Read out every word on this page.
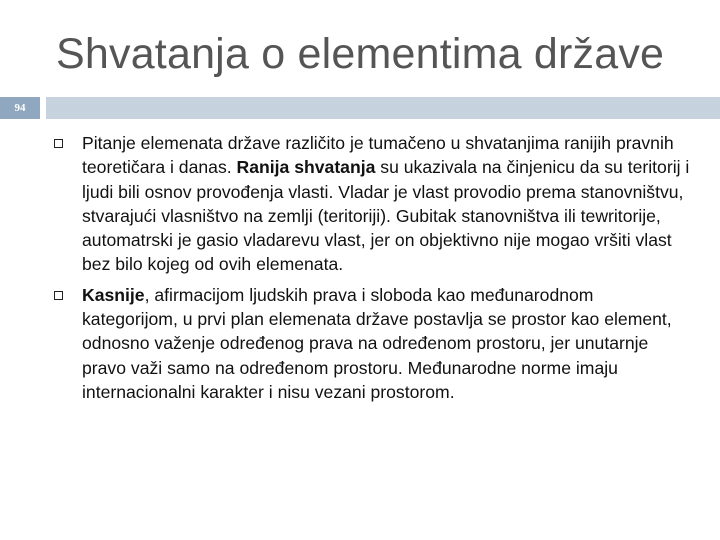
Shvatanja o elementima države
94
Pitanje elemenata države različito je tumačeno u shvatanjima ranijih pravnih teoretičara i danas. Ranija shvatanja su ukazivala na činjenicu da su teritorij i ljudi bili osnov provođenja vlasti. Vladar je vlast provodio prema stanovništvu, stvarajući vlasništvo na zemlji (teritoriji). Gubitak stanovništva ili tewritorije, automatrski je gasio vladarevu vlast, jer on objektivno nije mogao vršiti vlast bez bilo kojeg od ovih elemenata.
Kasnije, afirmacijom ljudskih prava i sloboda kao međunarodnom kategorijom, u prvi plan elemenata države postavlja se prostor kao element, odnosno važenje određenog prava na određenom prostoru, jer unutarnje pravo važi samo na određenom prostoru. Međunarodne norme imaju internacionalni karakter i nisu vezani prostorom.
